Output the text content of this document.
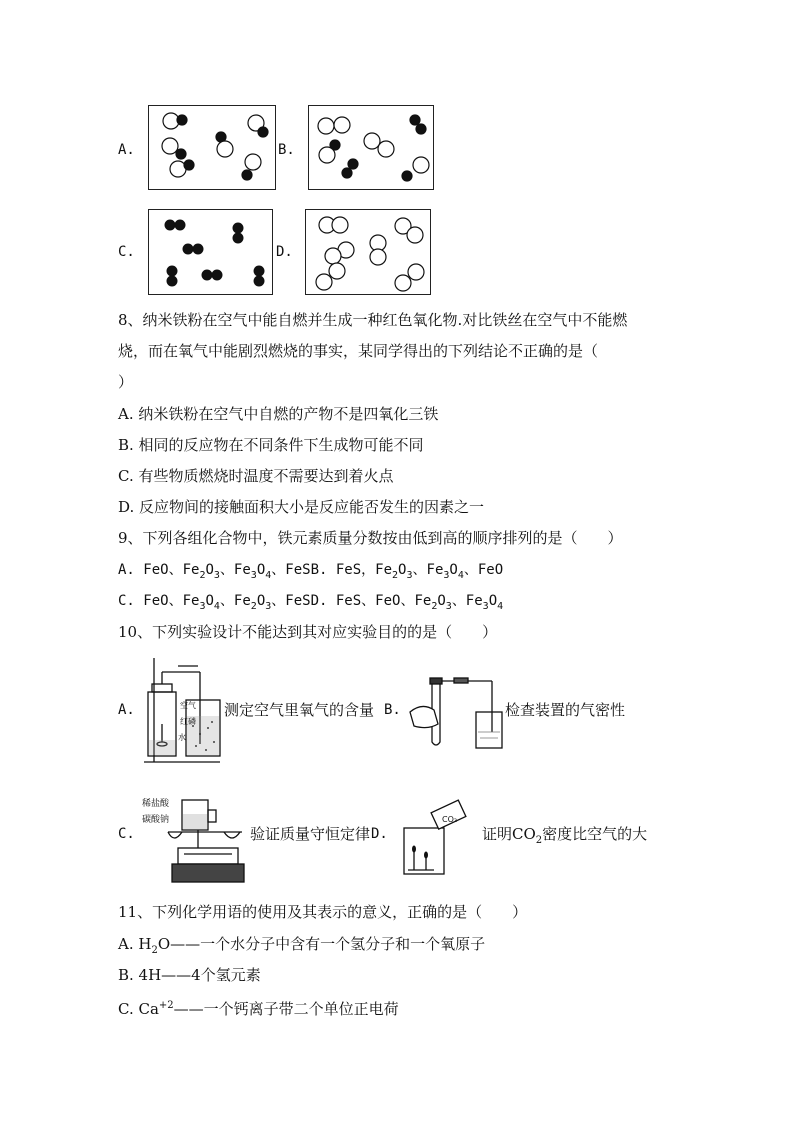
A.	B.
C.	D.
8、纳米铁粉在空气中能自燃并生成一种红色氧化物.对比铁丝在空气中不能燃
烧，而在氧气中能剧烈燃烧的事实，某同学得出的下列结论不正确的是（
）
A. 纳米铁粉在空气中自燃的产物不是四氧化三铁
B. 相同的反应物在不同条件下生成物可能不同
C. 有些物质燃烧时温度不需要达到着火点
D. 反应物间的接触面积大小是反应能否发生的因素之一
9、下列各组化合物中，铁元素质量分数按由低到高的顺序排列的是（　　）
A. FeO、$Fe_2O_3$、$Fe_3O_4$、FeSB. FeS，$Fe_2O_3$、$Fe_3O_4$、FeO
C. FeO、$Fe_3O_4$、$Fe_2O_3$、FeSD. FeS、FeO、$Fe_2O_3$、$Fe_3O_4$
10、下列实验设计不能达到其对应实验目的的是（　　）
A.	空气
红磷
水
测定空气里氧气的含量 B.	检查装置的气密性
C.
稀盐酸
碳酸钠
验证质量守恒定律 D.
CO₂
证明$CO_2$密度比空气的大
11、下列化学用语的使用及其表示的意义，正确的是（　　）
A. $H_2O——$一个水分子中含有一个氢分子和一个氧原子
B. 4H——4个氢元素
C. $Ca^{+2}——$一个钙离子带二个单位正电荷
